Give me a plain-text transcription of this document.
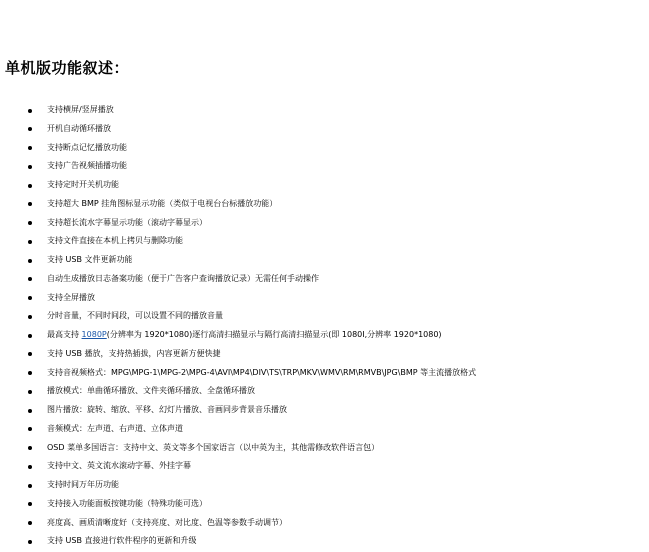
单机版功能叙述：
支持横屏/竖屏播放
开机自动循环播放
支持断点记忆播放功能
支持广告视频插播功能
支持定时开关机功能
支持超大 BMP 挂角图标显示功能（类似于电视台台标播放功能）
支持超长流水字幕显示功能（滚动字幕显示）
支持文件直接在本机上拷贝与删除功能
支持 USB 文件更新功能
自动生成播放日志备案功能（便于广告客户查询播放记录）无需任何手动操作
支持全屏播放
分时音量，不同时间段，可以设置不同的播放音量
最高支持 1080P(分辨率为 1920*1080)逐行高清扫描显示与隔行高清扫描显示(即 1080I,分辨率 1920*1080)
支持 USB 播放，支持热插拔，内容更新方便快捷
支持音视频格式：MPG\MPG-1\MPG-2\MPG-4\AVI\MP4\DIV\TS\TRP\MKV\WMV\RM\RMVB\JPG\BMP 等主流播放格式
播放模式：单曲循环播放、文件夹循环播放、全盘循环播放
图片播放：旋转、缩放、平移、幻灯片播放、音画同步背景音乐播放
音频模式：左声道、右声道、立体声道
OSD 菜单多国语言：支持中文、英文等多个国家语言（以中英为主，其他需修改软件语言包）
支持中文、英文流水滚动字幕、外挂字幕
支持时间万年历功能
支持接入功能面板按键功能（特殊功能可选）
亮度高、画质清晰度好（支持亮度、对比度、色温等参数手动调节）
支持 USB 直接进行软件程序的更新和升级
